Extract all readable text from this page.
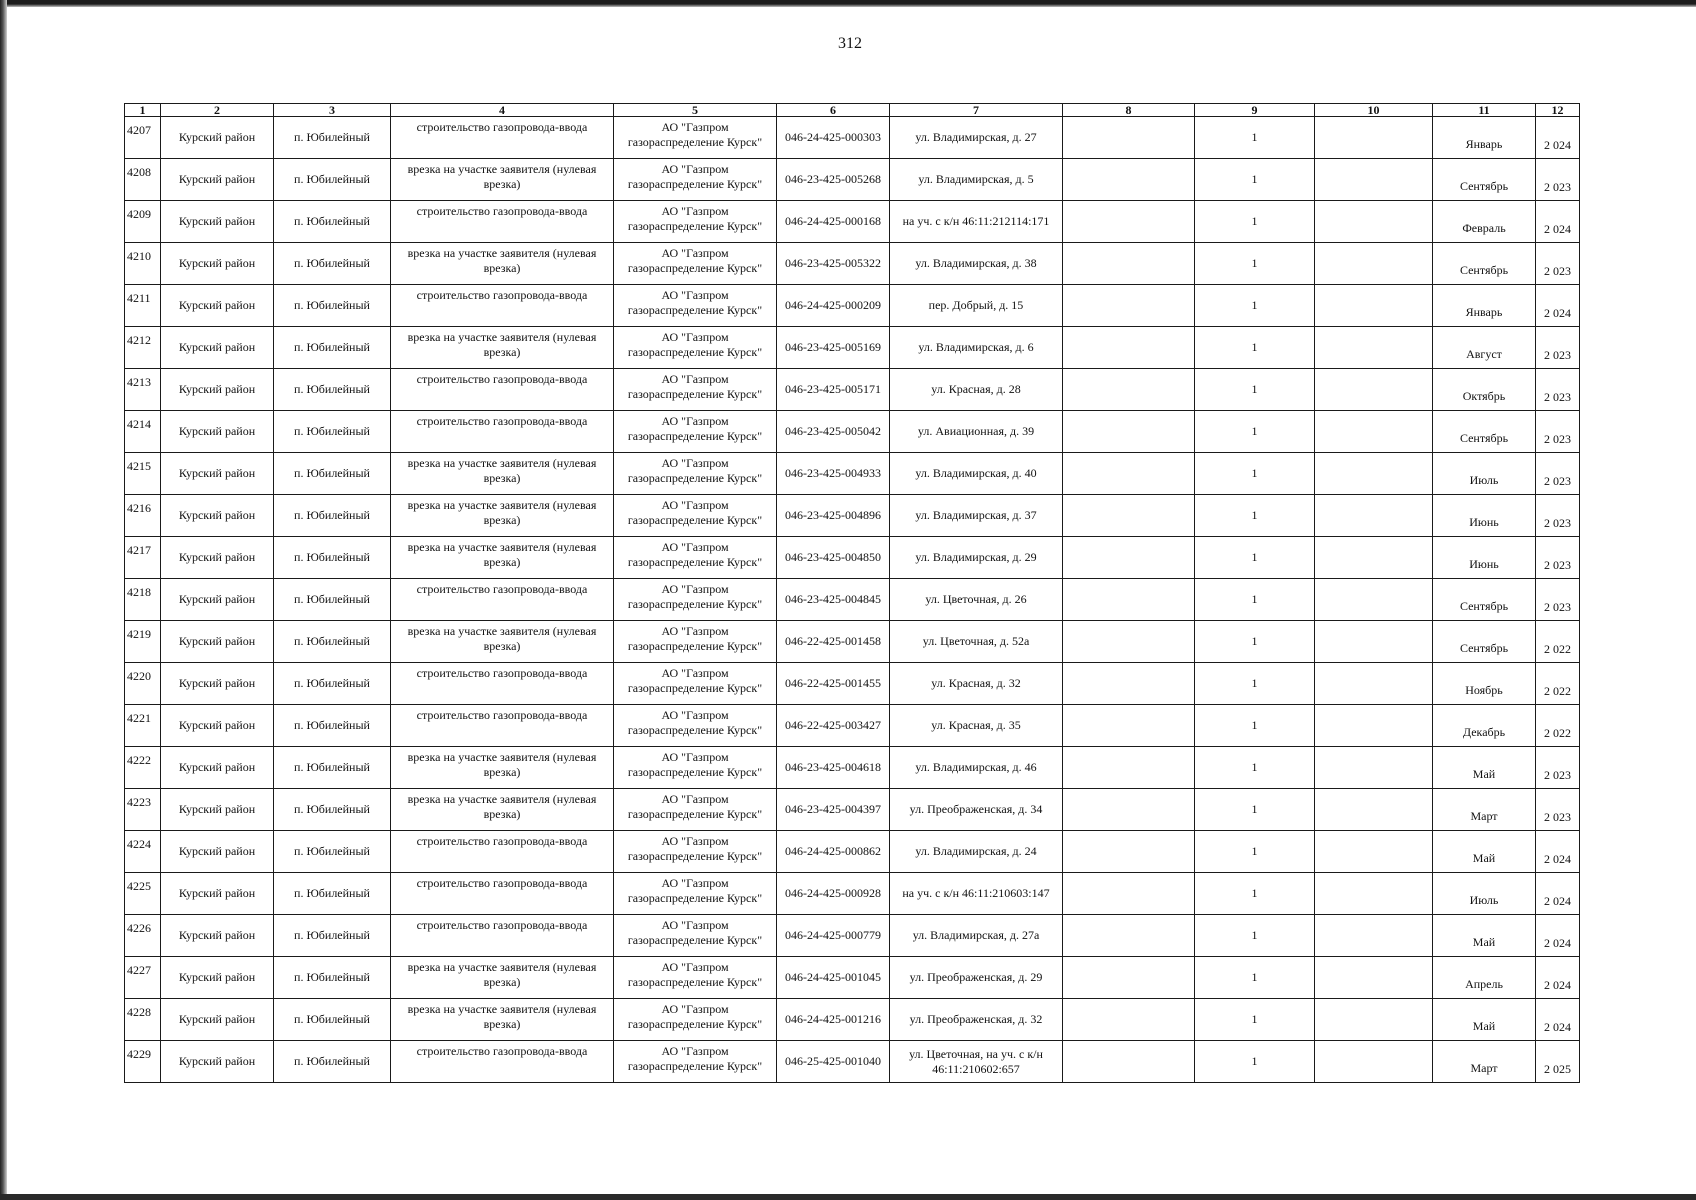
312
1	2	3	4	5	6	7	8	9	10	11	12
4207	Курский район	п. Юбилейный	строительство газопровода-ввода	АО "Газпром газораспределение Курск"	046-24-425-000303	ул. Владимирская, д. 27		1		Январь	2 024
4208	Курский район	п. Юбилейный	врезка на участке заявителя (нулевая врезка)	АО "Газпром газораспределение Курск"	046-23-425-005268	ул. Владимирская, д. 5		1		Сентябрь	2 023
4209	Курский район	п. Юбилейный	строительство газопровода-ввода	АО "Газпром газораспределение Курск"	046-24-425-000168	на уч. с к/н 46:11:212114:171		1		Февраль	2 024
4210	Курский район	п. Юбилейный	врезка на участке заявителя (нулевая врезка)	АО "Газпром газораспределение Курск"	046-23-425-005322	ул. Владимирская, д. 38		1		Сентябрь	2 023
4211	Курский район	п. Юбилейный	строительство газопровода-ввода	АО "Газпром газораспределение Курск"	046-24-425-000209	пер. Добрый, д. 15		1		Январь	2 024
4212	Курский район	п. Юбилейный	врезка на участке заявителя (нулевая врезка)	АО "Газпром газораспределение Курск"	046-23-425-005169	ул. Владимирская, д. 6		1		Август	2 023
4213	Курский район	п. Юбилейный	строительство газопровода-ввода	АО "Газпром газораспределение Курск"	046-23-425-005171	ул. Красная, д. 28		1		Октябрь	2 023
4214	Курский район	п. Юбилейный	строительство газопровода-ввода	АО "Газпром газораспределение Курск"	046-23-425-005042	ул. Авиационная, д. 39		1		Сентябрь	2 023
4215	Курский район	п. Юбилейный	врезка на участке заявителя (нулевая врезка)	АО "Газпром газораспределение Курск"	046-23-425-004933	ул. Владимирская, д. 40		1		Июль	2 023
4216	Курский район	п. Юбилейный	врезка на участке заявителя (нулевая врезка)	АО "Газпром газораспределение Курск"	046-23-425-004896	ул. Владимирская, д. 37		1		Июнь	2 023
4217	Курский район	п. Юбилейный	врезка на участке заявителя (нулевая врезка)	АО "Газпром газораспределение Курск"	046-23-425-004850	ул. Владимирская, д. 29		1		Июнь	2 023
4218	Курский район	п. Юбилейный	строительство газопровода-ввода	АО "Газпром газораспределение Курск"	046-23-425-004845	ул. Цветочная, д. 26		1		Сентябрь	2 023
4219	Курский район	п. Юбилейный	врезка на участке заявителя (нулевая врезка)	АО "Газпром газораспределение Курск"	046-22-425-001458	ул. Цветочная, д. 52а		1		Сентябрь	2 022
4220	Курский район	п. Юбилейный	строительство газопровода-ввода	АО "Газпром газораспределение Курск"	046-22-425-001455	ул. Красная, д. 32		1		Ноябрь	2 022
4221	Курский район	п. Юбилейный	строительство газопровода-ввода	АО "Газпром газораспределение Курск"	046-22-425-003427	ул. Красная, д. 35		1		Декабрь	2 022
4222	Курский район	п. Юбилейный	врезка на участке заявителя (нулевая врезка)	АО "Газпром газораспределение Курск"	046-23-425-004618	ул. Владимирская, д. 46		1		Май	2 023
4223	Курский район	п. Юбилейный	врезка на участке заявителя (нулевая врезка)	АО "Газпром газораспределение Курск"	046-23-425-004397	ул. Преображенская, д. 34		1		Март	2 023
4224	Курский район	п. Юбилейный	строительство газопровода-ввода	АО "Газпром газораспределение Курск"	046-24-425-000862	ул. Владимирская, д. 24		1		Май	2 024
4225	Курский район	п. Юбилейный	строительство газопровода-ввода	АО "Газпром газораспределение Курск"	046-24-425-000928	на уч. с к/н 46:11:210603:147		1		Июль	2 024
4226	Курский район	п. Юбилейный	строительство газопровода-ввода	АО "Газпром газораспределение Курск"	046-24-425-000779	ул. Владимирская, д. 27а		1		Май	2 024
4227	Курский район	п. Юбилейный	врезка на участке заявителя (нулевая врезка)	АО "Газпром газораспределение Курск"	046-24-425-001045	ул. Преображенская, д. 29		1		Апрель	2 024
4228	Курский район	п. Юбилейный	врезка на участке заявителя (нулевая врезка)	АО "Газпром газораспределение Курск"	046-24-425-001216	ул. Преображенская, д. 32		1		Май	2 024
4229	Курский район	п. Юбилейный	строительство газопровода-ввода	АО "Газпром газораспределение Курск"	046-25-425-001040	ул. Цветочная, на уч. с к/н 46:11:210602:657		1		Март	2 025
